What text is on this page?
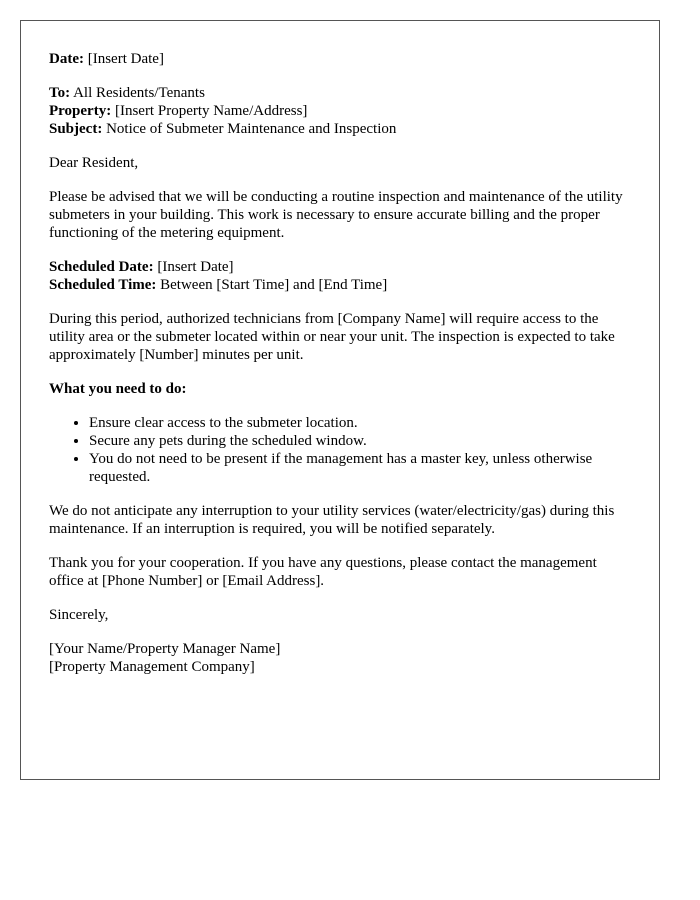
Date: [Insert Date]
To: All Residents/Tenants
Property: [Insert Property Name/Address]
Subject: Notice of Submeter Maintenance and Inspection

Dear Resident,

Please be advised that we will be conducting a routine inspection and maintenance of the utility submeters in your building. This work is necessary to ensure accurate billing and the proper functioning of the metering equipment.

Scheduled Date: [Insert Date]
Scheduled Time: Between [Start Time] and [End Time]

During this period, authorized technicians from [Company Name] will require access to the utility area or the submeter located within or near your unit. The inspection is expected to take approximately [Number] minutes per unit.

What you need to do:
• Ensure clear access to the submeter location.
• Secure any pets during the scheduled window.
• You do not need to be present if the management has a master key, unless otherwise requested.

We do not anticipate any interruption to your utility services (water/electricity/gas) during this maintenance. If an interruption is required, you will be notified separately.

Thank you for your cooperation. If you have any questions, please contact the management office at [Phone Number] or [Email Address].

Sincerely,

[Your Name/Property Manager Name]
[Property Management Company]
